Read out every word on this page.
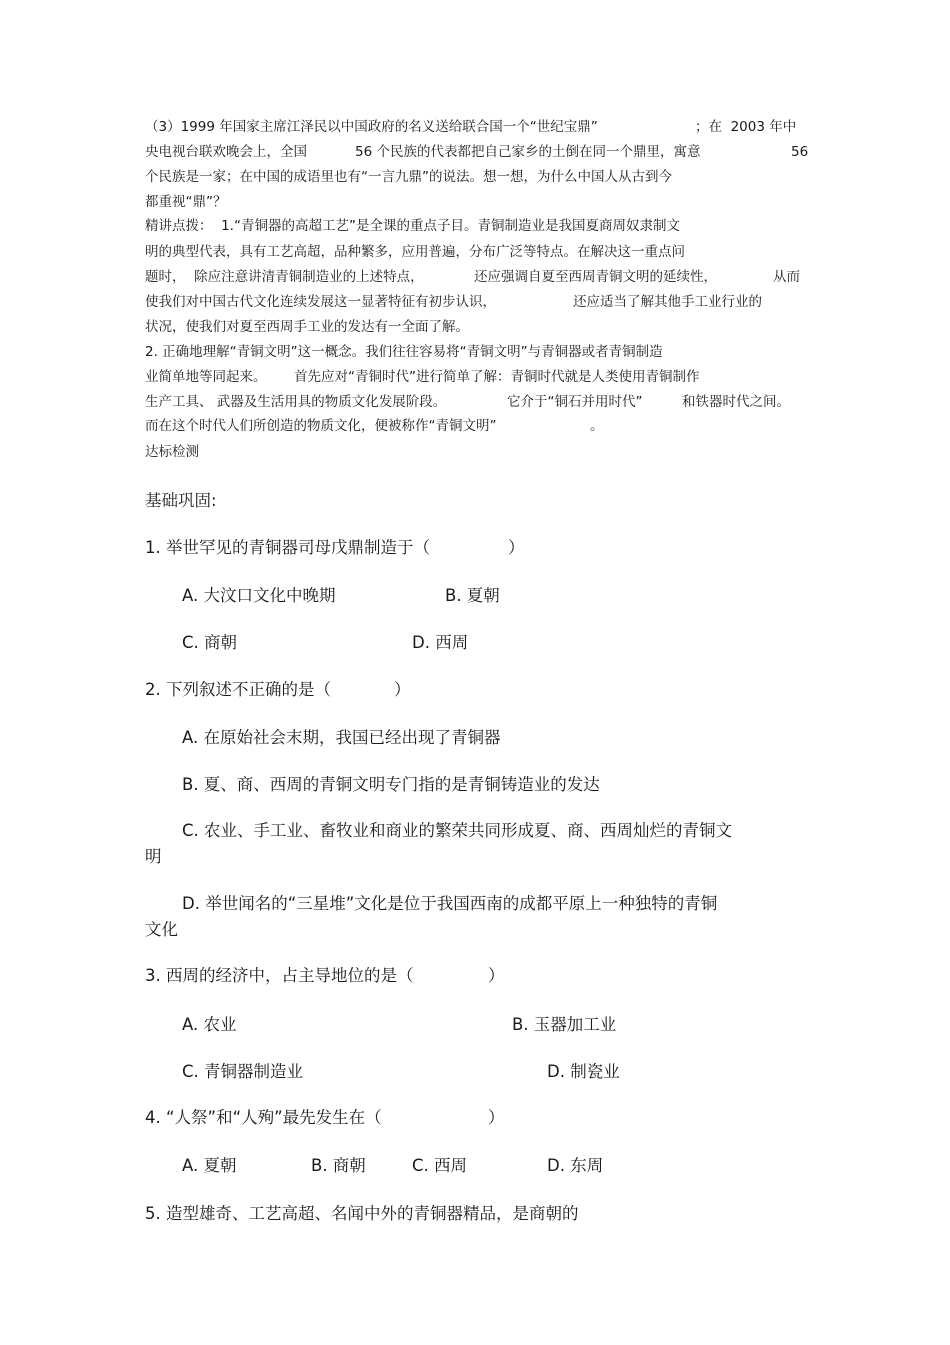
（3）1999 年国家主席江泽民以中国政府的名义送给联合国一个“世纪宝鼎”	；在  2003 年中
央电视台联欢晚会上，全国	56 个民族的代表都把自己家乡的土倒在同一个鼎里，寓意	56
个民族是一家；在中国的成语里也有“一言九鼎”的说法。想一想，为什么中国人从古到今
都重视“鼎”？
精讲点拨：  1.“青铜器的高超工艺”是全课的重点子目。青铜制造业是我国夏商周奴隶制文
明的典型代表，具有工艺高超，品种繁多，应用普遍，分布广泛等特点。在解决这一重点问
题时，  除应注意讲清青铜制造业的上述特点，	还应强调自夏至西周青铜文明的延续性，	从而
使我们对中国古代文化连续发展这一显著特征有初步认识，	还应适当了解其他手工业行业的
状况，使我们对夏至西周手工业的发达有一全面了解。
2. 正确地理解“青铜文明”这一概念。我们往往容易将“青铜文明”与青铜器或者青铜制造
业简单地等同起来。 首先应对“青铜时代”进行简单了解：青铜时代就是人类使用青铜制作
生产工具、 武器及生活用具的物质文化发展阶段。	它介于“铜石并用时代”	和铁器时代之间。
而在这个时代人们所创造的物质文化，便被称作“青铜文明”	。
达标检测
基础巩固:
1. 举世罕见的青铜器司母戊鼎制造于（	）
A. 大汶口文化中晚期	B. 夏朝
C. 商朝	D. 西周
2. 下列叙述不正确的是（	）
A. 在原始社会末期，我国已经出现了青铜器
B. 夏、商、西周的青铜文明专门指的是青铜铸造业的发达
C. 农业、手工业、畜牧业和商业的繁荣共同形成夏、商、西周灿烂的青铜文
明
D. 举世闻名的“三星堆”文化是位于我国西南的成都平原上一种独特的青铜
文化
3. 西周的经济中，占主导地位的是（	）
A. 农业	B. 玉器加工业
C. 青铜器制造业	D. 制瓷业
4. “人祭”和“人殉”最先发生在（	）
A. 夏朝	B. 商朝	C. 西周	D. 东周
5. 造型雄奇、工艺高超、名闻中外的青铜器精品，是商朝的
